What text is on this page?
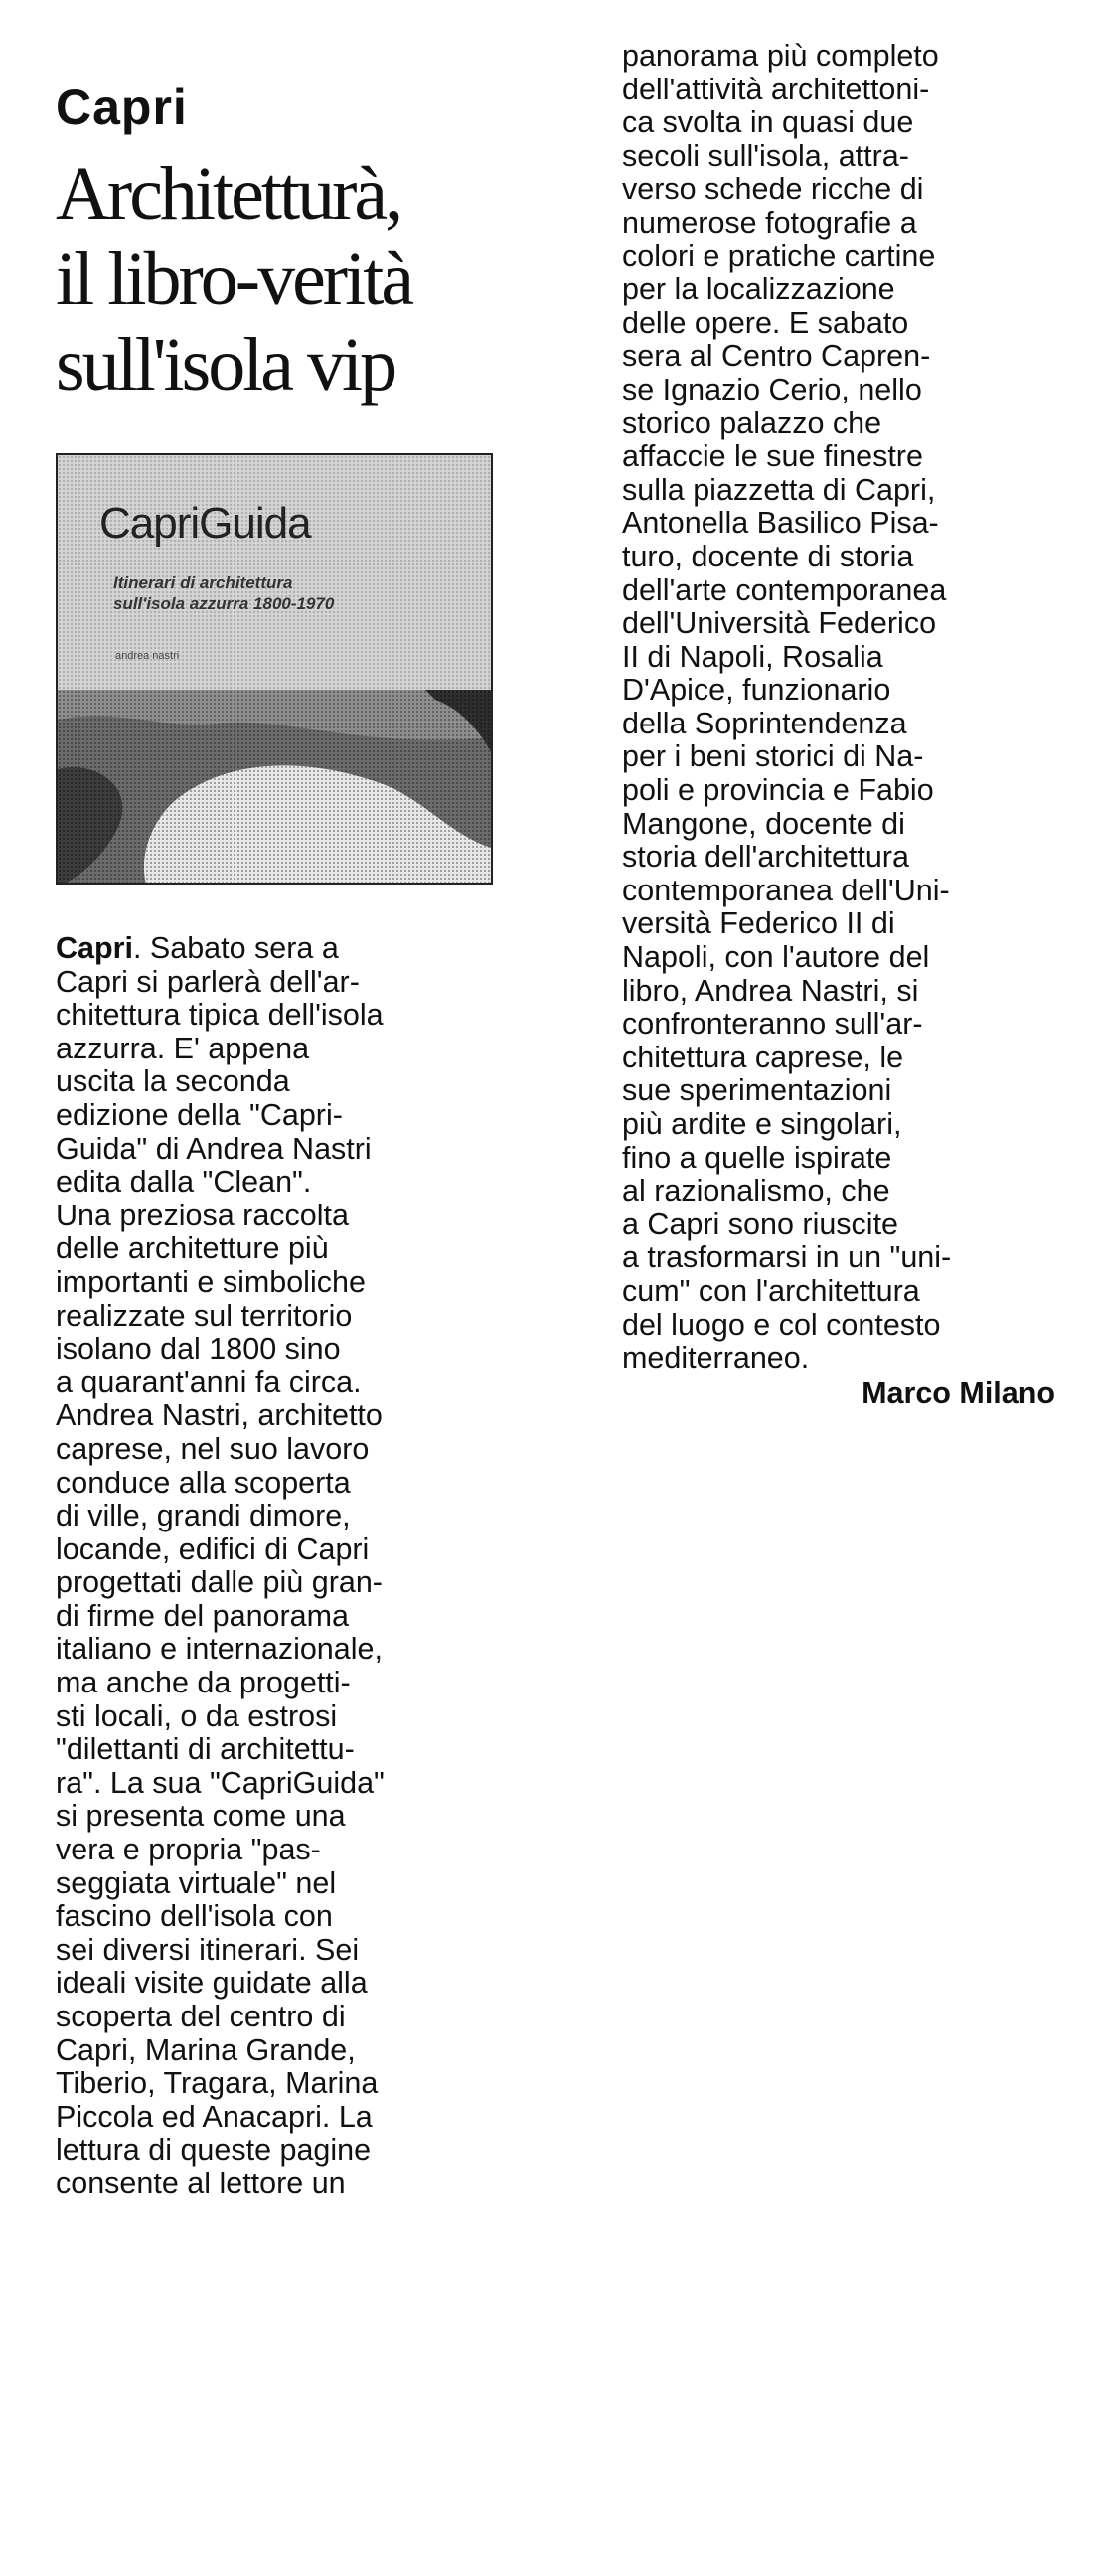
Capri
Architetturà,
il libro-verità
sull'isola vip
CapriGuida
Itinerari di architettura
sull'isola azzurra 1800-1970
andrea nastri

Capri. Sabato sera a
Capri si parlerà dell'ar-
chitettura tipica dell'isola
azzurra. E' appena
uscita la seconda
edizione della "Capri-
Guida" di Andrea Nastri
edita dalla "Clean".
Una preziosa raccolta
delle architetture più
importanti e simboliche
realizzate sul territorio
isolano dal 1800 sino
a quarant'anni fa circa.
Andrea Nastri, architetto
caprese, nel suo lavoro
conduce alla scoperta
di ville, grandi dimore,
locande, edifici di Capri
progettati dalle più gran-
di firme del panorama
italiano e internazionale,
ma anche da progetti-
sti locali, o da estrosi
"dilettanti di architettu-
ra". La sua "CapriGuida"
si presenta come una
vera e propria "pas-
seggiata virtuale" nel
fascino dell'isola con
sei diversi itinerari. Sei
ideali visite guidate alla
scoperta del centro di
Capri, Marina Grande,
Tiberio, Tragara, Marina
Piccola ed Anacapri. La
lettura di queste pagine
consente al lettore un

panorama più completo
dell'attività architettoni-
ca svolta in quasi due
secoli sull'isola, attra-
verso schede ricche di
numerose fotografie a
colori e pratiche cartine
per la localizzazione
delle opere. E sabato
sera al Centro Capren-
se Ignazio Cerio, nello
storico palazzo che
affaccie le sue finestre
sulla piazzetta di Capri,
Antonella Basilico Pisa-
turo, docente di storia
dell'arte contemporanea
dell'Università Federico
II di Napoli, Rosalia
D'Apice, funzionario
della Soprintendenza
per i beni storici di Na-
poli e provincia e Fabio
Mangone, docente di
storia dell'architettura
contemporanea dell'Uni-
versità Federico II di
Napoli, con l'autore del
libro, Andrea Nastri, si
confronteranno sull'ar-
chitettura caprese, le
sue sperimentazioni
più ardite e singolari,
fino a quelle ispirate
al razionalismo, che
a Capri sono riuscite
a trasformarsi in un "uni-
cum" con l'architettura
del luogo e col contesto
mediterraneo.

Marco Milano
